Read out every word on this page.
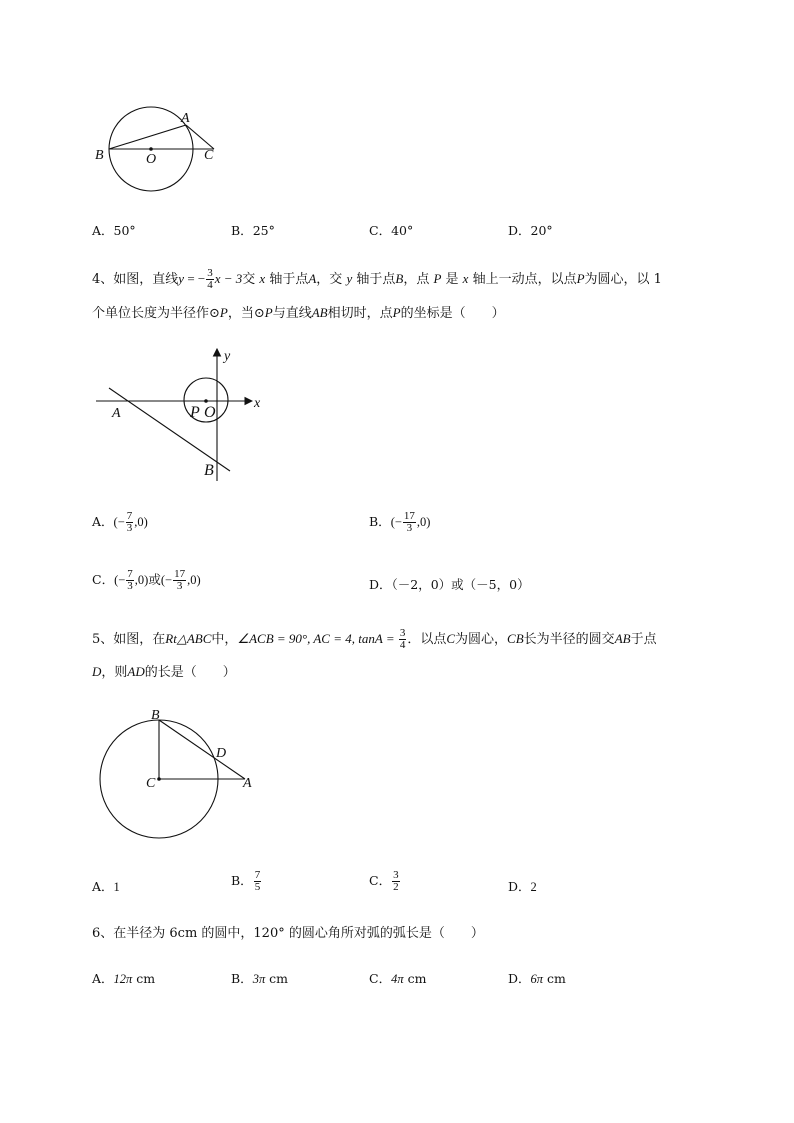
A
B	O	C
A．50°	B．25°	C．40°	D．20°
4、如图，直线y = − $\frac{3}{4}$ x − 3交 x 轴于点A，交 y 轴于点B，点 P 是 x 轴上一动点，以点P为圆心，以 1
个单位长度为半径作⊙P，当⊙P与直线AB相切时，点P的坐标是（　　）
y
x
A	P O
B
A．(− $\frac{7}{3} ,0$)	B．(− $\frac{17}{3} ,0$)
C．(− $\frac{7}{3} ,0$)或(− $\frac{17}{3} ,0$)	D．（－2，0）或（－5，0）
5、如图，在Rt△ABC中，∠ACB = 90°, AC = 4, $\tan A = \frac{3}{4}$ ．以点C为圆心，CB长为半径的圆交AB于点
D，则AD的长是（　　）
B
D
C	A
A．1	B． $\frac{7}{5}$	C． $\frac{3}{2}$	D．2
6、在半径为 6cm 的圆中，120° 的圆心角所对弧的弧长是（　　）
A．12π cm	B．3π cm	C．4π cm	D．6π cm
